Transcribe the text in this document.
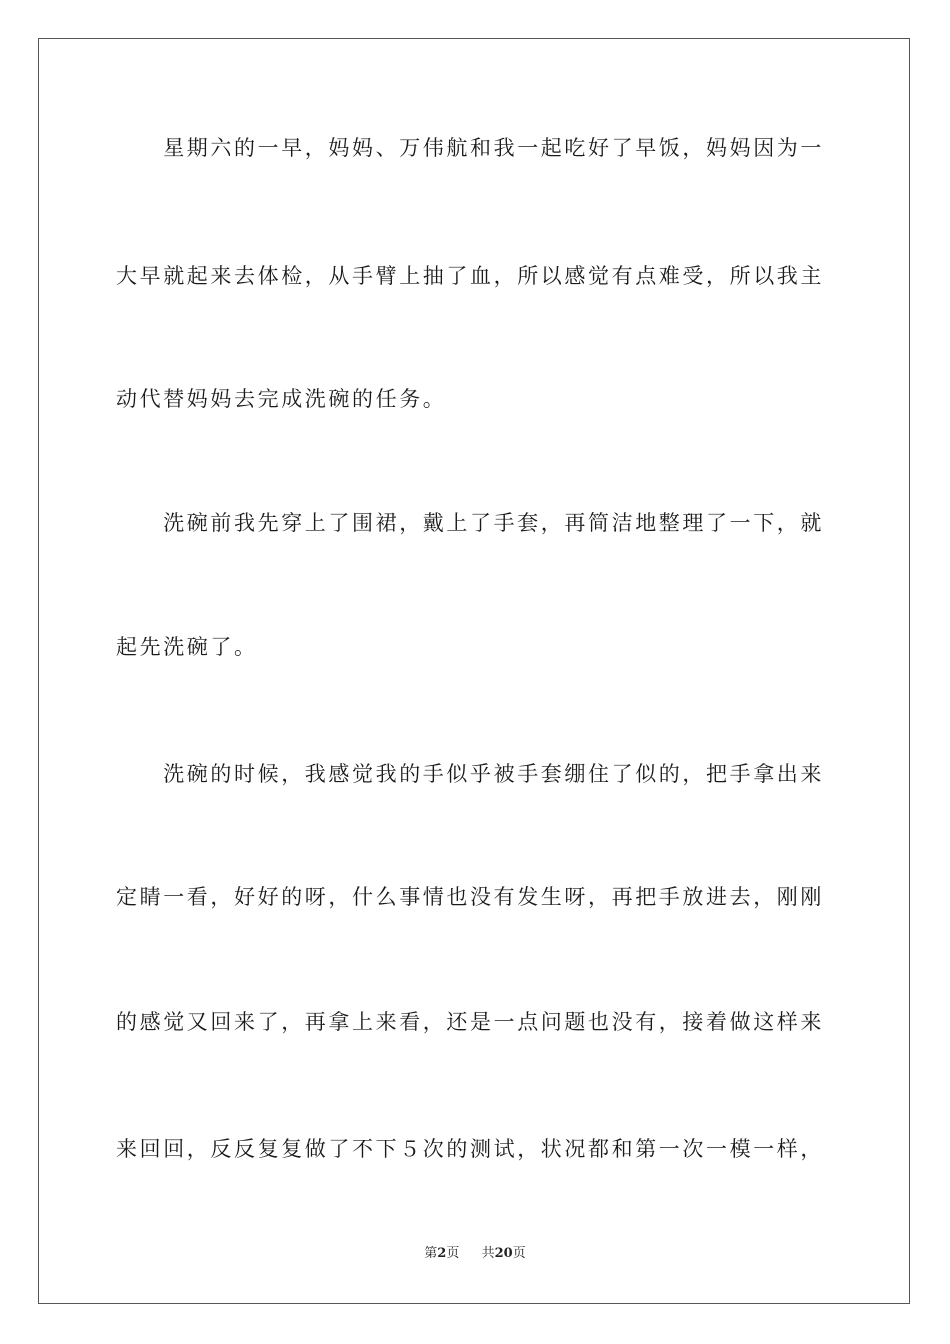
　　星期六的一早，妈妈、万伟航和我一起吃好了早饭，妈妈因为一
大早就起来去体检，从手臂上抽了血，所以感觉有点难受，所以我主
动代替妈妈去完成洗碗的任务。
　　洗碗前我先穿上了围裙，戴上了手套，再简洁地整理了一下，就
起先洗碗了。
　　洗碗的时候，我感觉我的手似乎被手套绷住了似的，把手拿出来
定睛一看，好好的呀，什么事情也没有发生呀，再把手放进去，刚刚
的感觉又回来了，再拿上来看，还是一点问题也没有，接着做这样来
来回回，反反复复做了不下５次的测试，状况都和第一次一模一样，
第2页 共20页
